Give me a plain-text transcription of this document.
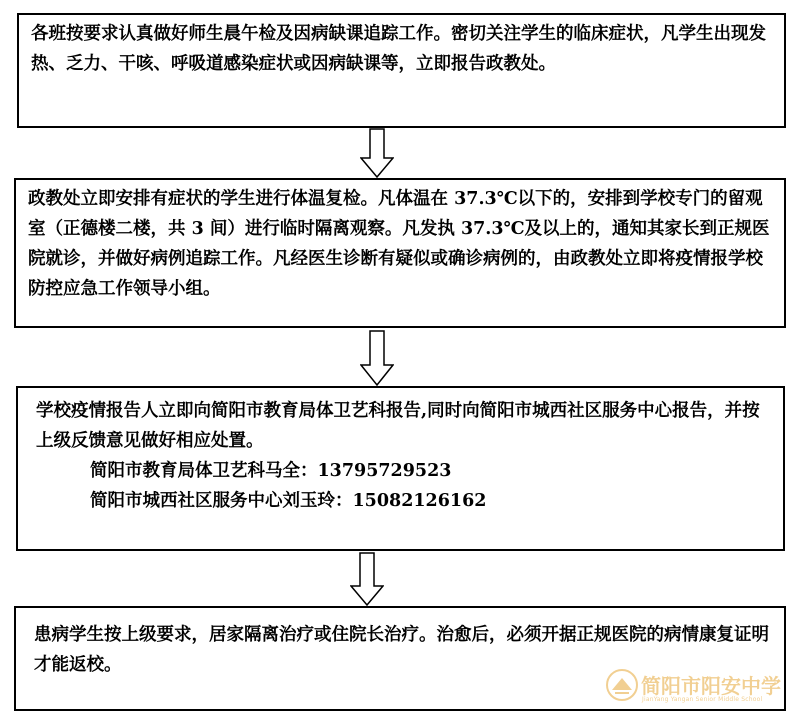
各班按要求认真做好师生晨午检及因病缺课追踪工作。密切关注学生的临床症状，凡学生出现发热、乏力、干咳、呼吸道感染症状或因病缺课等，立即报告政教处。

政教处立即安排有症状的学生进行体温复检。凡体温在 37.3℃以下的，安排到学校专门的留观室（正德楼二楼，共 3 间）进行临时隔离观察。凡发执 37.3℃及以上的，通知其家长到正规医院就诊，并做好病例追踪工作。凡经医生诊断有疑似或确诊病例的，由政教处立即将疫情报学校防控应急工作领导小组。

学校疫情报告人立即向简阳市教育局体卫艺科报告,同时向简阳市城西社区服务中心报告，并按上级反馈意见做好相应处置。

简阳市教育局体卫艺科马全：13795729523

简阳市城西社区服务中心刘玉玲：15082126162

患病学生按上级要求，居家隔离治疗或住院长治疗。治愈后，必须开据正规医院的病情康复证明才能返校。

简阳市阳安中学
JianYang Yangan Senior Middle School
